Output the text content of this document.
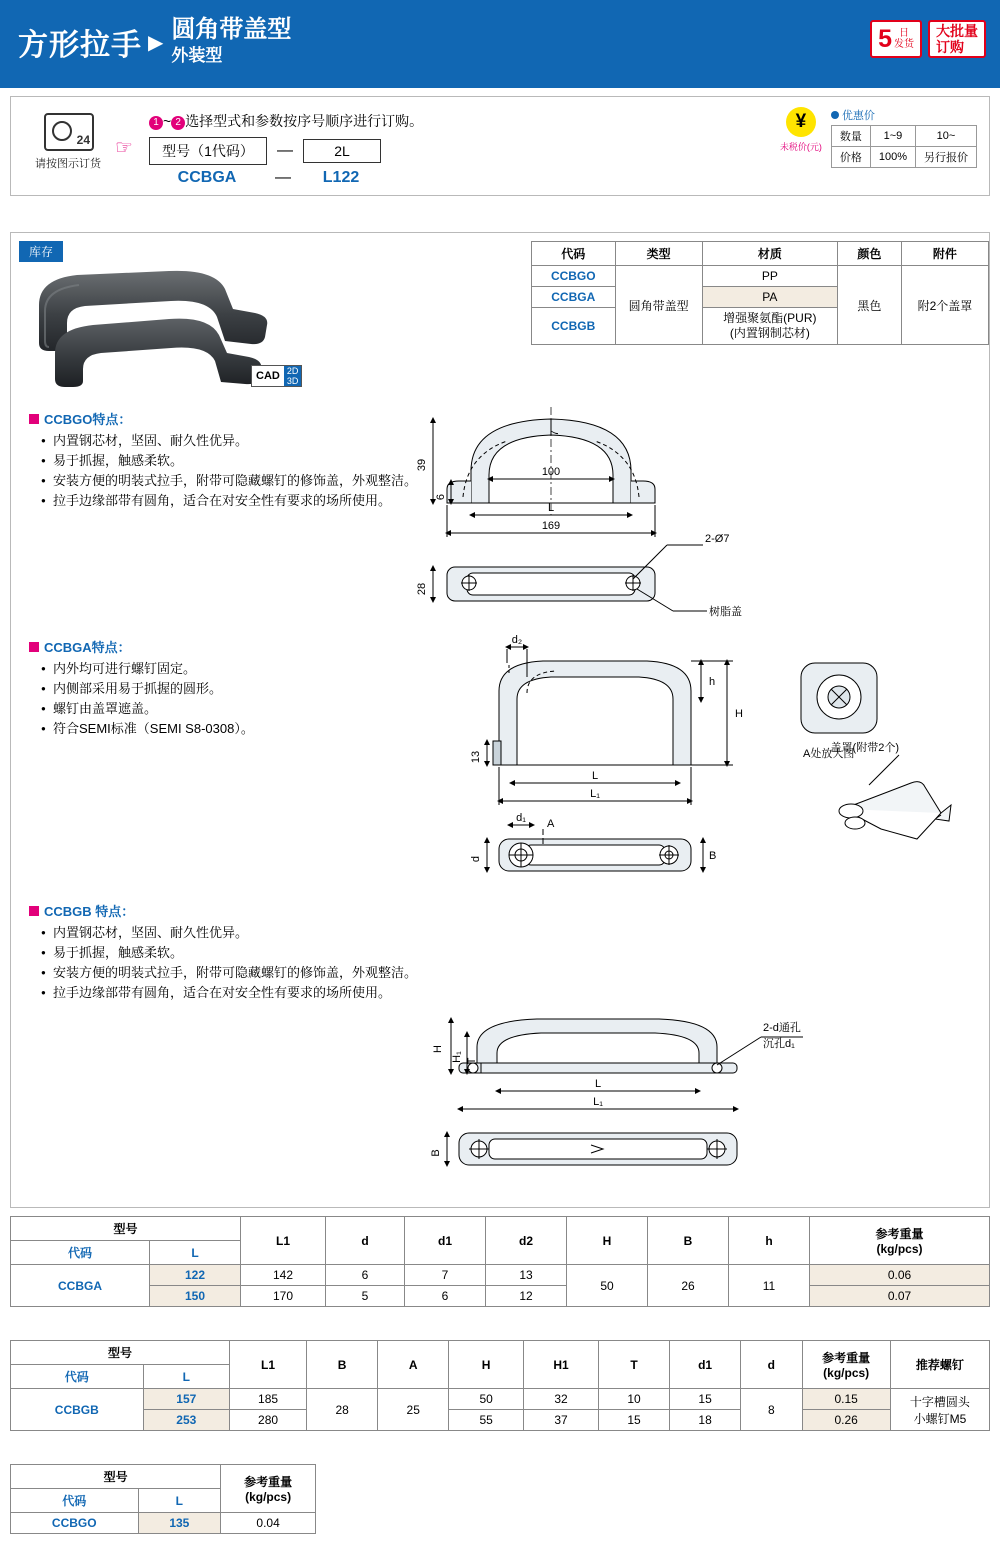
方形拉手 ▶ 圆角带盖型
外装型
5 日
发货
大批量
订购
24
请按图示订货
☞
1 ~ 2 选择型式和参数按序号顺序进行订购。
型号（1代码）	—	2L
CCBGA	—	L122
¥
未税价(元)
优惠价
数量	1~9	10~
价格	100%	另行报价
库存
CAD 2D
3D
代码	类型	材质	颜色	附件
CCBGO	圆角带盖型	PP	黑色	附2个盖罩
CCBGA		PA		
CCBGB		增强聚氨酯(PUR)
(内置钢制芯材)		
CCBGO特点：
● 内置钢芯材，坚固、耐久性优异。
● 易于抓握，触感柔软。
● 安装方便的明装式拉手，附带可隐藏螺钉的修饰盖，外观整洁。
● 拉手边缘部带有圆角，适合在对安全性有要求的场所使用。
39
6
7
100
L
169
28
2-Ø7
树脂盖
CCBGA特点：
● 内外均可进行螺钉固定。
● 内侧部采用易于抓握的圆形。
● 螺钉由盖罩遮盖。
● 符合SEMI标准（SEMI S8-0308）。
d₂
h
H
13
L
L₁
d₁
d
A
B
A处放大图
盖罩(附带2个)
CCBGB 特点：
● 内置钢芯材，坚固、耐久性优异。
● 易于抓握，触感柔软。
● 安装方便的明装式拉手，附带可隐藏螺钉的修饰盖，外观整洁。
● 拉手边缘部带有圆角，适合在对安全性有要求的场所使用。
H
H₁ T
L
L₁
B
2-d通孔
沉孔d₁
型号		L1	d	d1	d2	H	B	h	参考重量
(kg/pcs)

代码	L								
CCBGA	122	142	6	7	13	50	26	11	0.06
	150	170	5	6	12				0.07
型号		L1	B	A	H	H1	T	d1	d	参考重量
(kg/pcs)	推荐螺钉
代码	L										
CCBGB	157	185	28	25	50	32	10	15	8	0.15	十字槽圆头
小螺钉M5

	253	280			55	37	15	18		0.26	
型号		参考重量
(kg/pcs)

代码	L	
CCBGO	135	0.04
